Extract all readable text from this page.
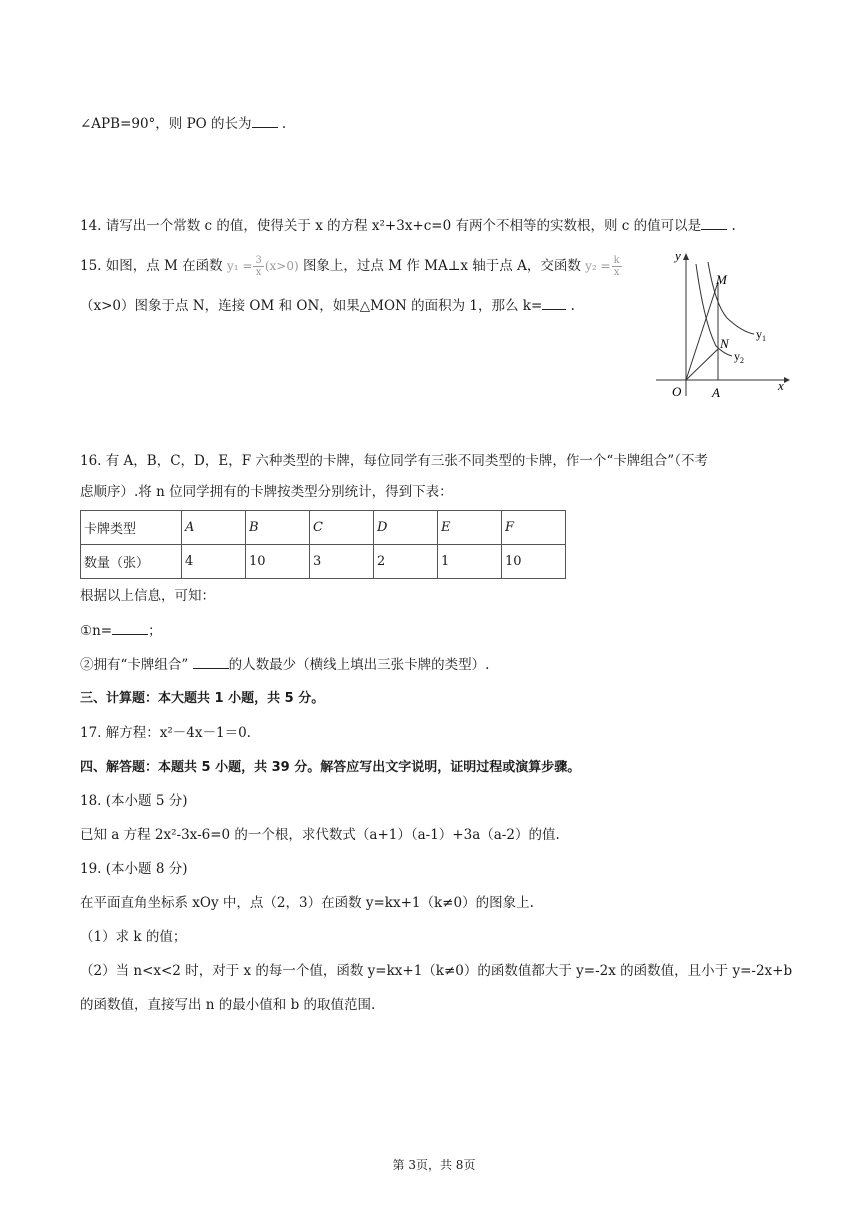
∠APB=90°，则 PO 的长为 .
14. 请写出一个常数 c 的值，使得关于 x 的方程 x²+3x+c=0 有两个不相等的实数根，则 c 的值可以是 .
15. 如图，点 M 在函数 $y_1 = \frac{3}{x} (x>0)$ 图象上，过点 M 作 MA⊥x 轴于点 A，交函数 $y_2 = \frac{k}{x}$
（x>0）图象于点 N，连接 OM 和 ON，如果△MON 的面积为 1，那么 k= .
y
x
O A
M
N
$y_1$
$y_2$
16. 有 A，B，C，D，E，F 六种类型的卡牌，每位同学有三张不同类型的卡牌，作一个“卡牌组合”（不考
虑顺序）.将 n 位同学拥有的卡牌按类型分别统计，得到下表：
卡牌类型	A	B	C	D	E	F
数量（张）	4	10	3	2	1	10
根据以上信息，可知：
①n=	；
②拥有“卡牌组合”	的人数最少（横线上填出三张卡牌的类型）.
三、计算题：本大题共 1 小题，共 5 分。
17. 解方程：x²－4x－1＝0.
四、解答题：本题共 5 小题，共 39 分。解答应写出文字说明，证明过程或演算步骤。
18. (本小题 5 分)
已知 a 方程 2x²-3x-6=0 的一个根，求代数式（a+1）（a-1）+3a（a-2）的值.
19. (本小题 8 分)
在平面直角坐标系 xOy 中，点（2，3）在函数 y=kx+1（k≠0）的图象上.
（1）求 k 的值；
（2）当 n<x<2 时，对于 x 的每一个值，函数 y=kx+1（k≠0）的函数值都大于 y=-2x 的函数值，且小于 y=-2x+b
的函数值，直接写出 n 的最小值和 b 的取值范围.
第 3页，共 8页
